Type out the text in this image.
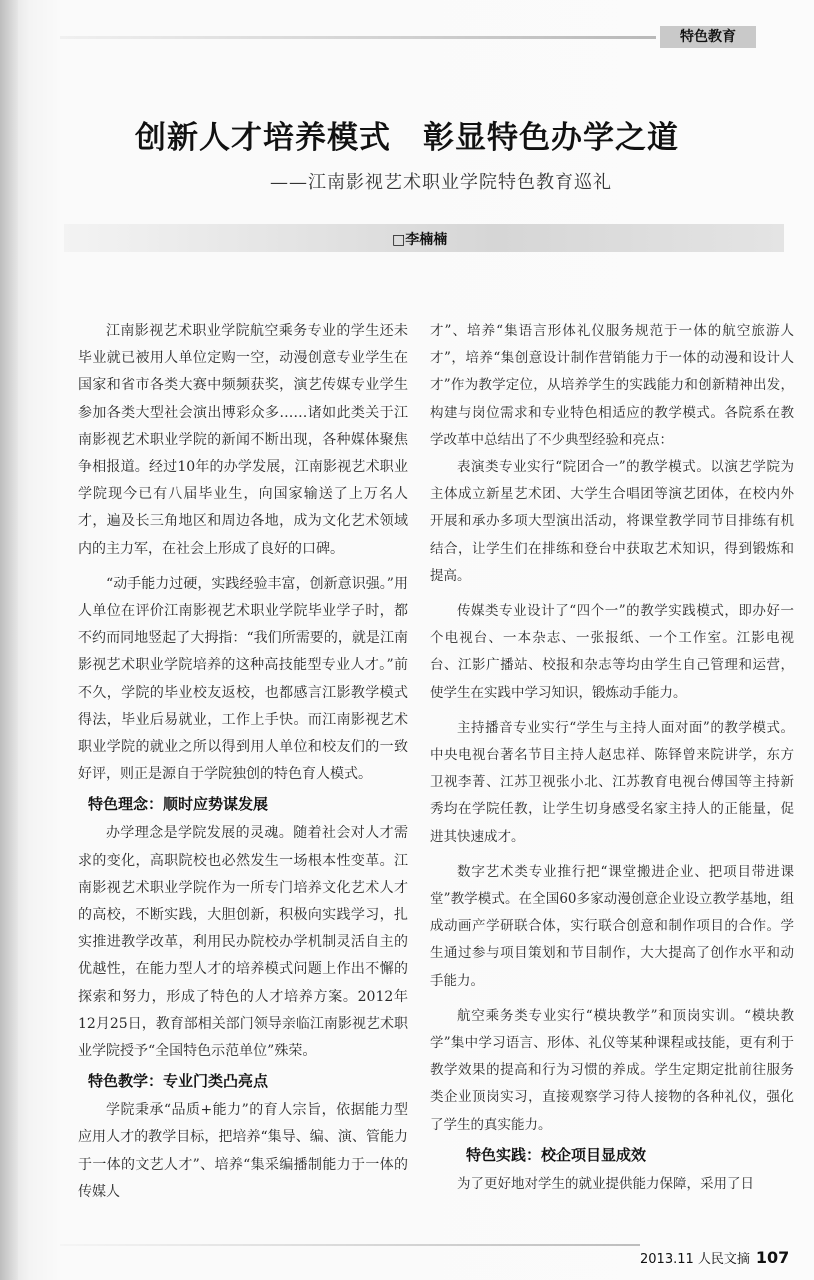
特色教育
创新人才培养模式　彰显特色办学之道
——江南影视艺术职业学院特色教育巡礼
□李楠楠

江南影视艺术职业学院航空乘务专业的学生还未毕业就已被用人单位定购一空，动漫创意专业学生在国家和省市各类大赛中频频获奖，演艺传媒专业学生参加各类大型社会演出博彩众多……诸如此类关于江南影视艺术职业学院的新闻不断出现，各种媒体聚焦争相报道。经过10年的办学发展，江南影视艺术职业学院现今已有八届毕业生，向国家输送了上万名人才，遍及长三角地区和周边各地，成为文化艺术领域内的主力军，在社会上形成了良好的口碑。

“动手能力过硬，实践经验丰富，创新意识强。”用人单位在评价江南影视艺术职业学院毕业学子时，都不约而同地竖起了大拇指：“我们所需要的，就是江南影视艺术职业学院培养的这种高技能型专业人才。”前不久，学院的毕业校友返校，也都感言江影教学模式得法，毕业后易就业，工作上手快。而江南影视艺术职业学院的就业之所以得到用人单位和校友们的一致好评，则正是源自于学院独创的特色育人模式。

特色理念：顺时应势谋发展

办学理念是学院发展的灵魂。随着社会对人才需求的变化，高职院校也必然发生一场根本性变革。江南影视艺术职业学院作为一所专门培养文化艺术人才的高校，不断实践，大胆创新，积极向实践学习，扎实推进教学改革，利用民办院校办学机制灵活自主的优越性，在能力型人才的培养模式问题上作出不懈的探索和努力，形成了特色的人才培养方案。2012年12月25日，教育部相关部门领导亲临江南影视艺术职业学院授予“全国特色示范单位”殊荣。

特色教学：专业门类凸亮点

学院秉承“品质+能力”的育人宗旨，依据能力型应用人才的教学目标，把培养“集导、编、演、管能力于一体的文艺人才”、培养“集采编播制能力于一体的传媒人

才”、培养“集语言形体礼仪服务规范于一体的航空旅游人才”，培养“集创意设计制作营销能力于一体的动漫和设计人才”作为教学定位，从培养学生的实践能力和创新精神出发，构建与岗位需求和专业特色相适应的教学模式。各院系在教学改革中总结出了不少典型经验和亮点：

表演类专业实行“院团合一”的教学模式。以演艺学院为主体成立新星艺术团、大学生合唱团等演艺团体，在校内外开展和承办多项大型演出活动，将课堂教学同节目排练有机结合，让学生们在排练和登台中获取艺术知识，得到锻炼和提高。

传媒类专业设计了“四个一”的教学实践模式，即办好一个电视台、一本杂志、一张报纸、一个工作室。江影电视台、江影广播站、校报和杂志等均由学生自己管理和运营，使学生在实践中学习知识，锻炼动手能力。

主持播音专业实行“学生与主持人面对面”的教学模式。中央电视台著名节目主持人赵忠祥、陈铎曾来院讲学，东方卫视李菁、江苏卫视张小北、江苏教育电视台傅国等主持新秀均在学院任教，让学生切身感受名家主持人的正能量，促进其快速成才。

数字艺术类专业推行把“课堂搬进企业、把项目带进课堂”教学模式。在全国60多家动漫创意企业设立教学基地，组成动画产学研联合体，实行联合创意和制作项目的合作。学生通过参与项目策划和节目制作，大大提高了创作水平和动手能力。

航空乘务类专业实行“模块教学”和顶岗实训。“模块教学”集中学习语言、形体、礼仪等某种课程或技能，更有利于教学效果的提高和行为习惯的养成。学生定期定批前往服务类企业顶岗实习，直接观察学习待人接物的各种礼仪，强化了学生的真实能力。

特色实践：校企项目显成效

为了更好地对学生的就业提供能力保障，采用了日

2013.11 人民文摘 107
